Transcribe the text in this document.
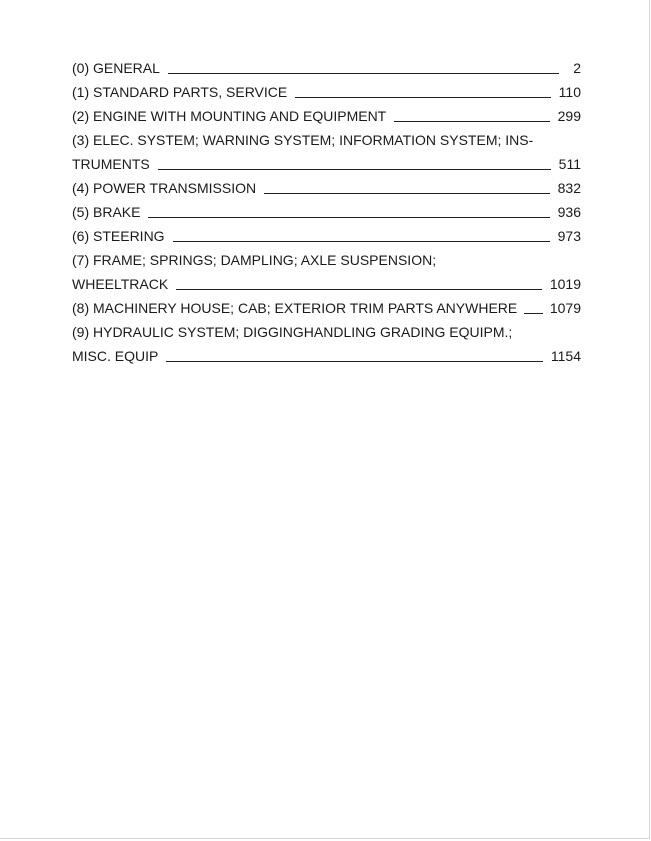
(0) GENERAL	2
(1) STANDARD PARTS, SERVICE	110
(2) ENGINE WITH MOUNTING AND EQUIPMENT	299
(3) ELEC. SYSTEM; WARNING SYSTEM; INFORMATION SYSTEM; INS-
TRUMENTS	511
(4) POWER TRANSMISSION	832
(5) BRAKE	936
(6) STEERING	973
(7) FRAME; SPRINGS; DAMPLING; AXLE SUSPENSION;
WHEELTRACK	1019
(8) MACHINERY HOUSE; CAB; EXTERIOR TRIM PARTS ANYWHERE 1079
(9) HYDRAULIC SYSTEM; DIGGINGHANDLING GRADING EQUIPM.;
MISC. EQUIP	1154
